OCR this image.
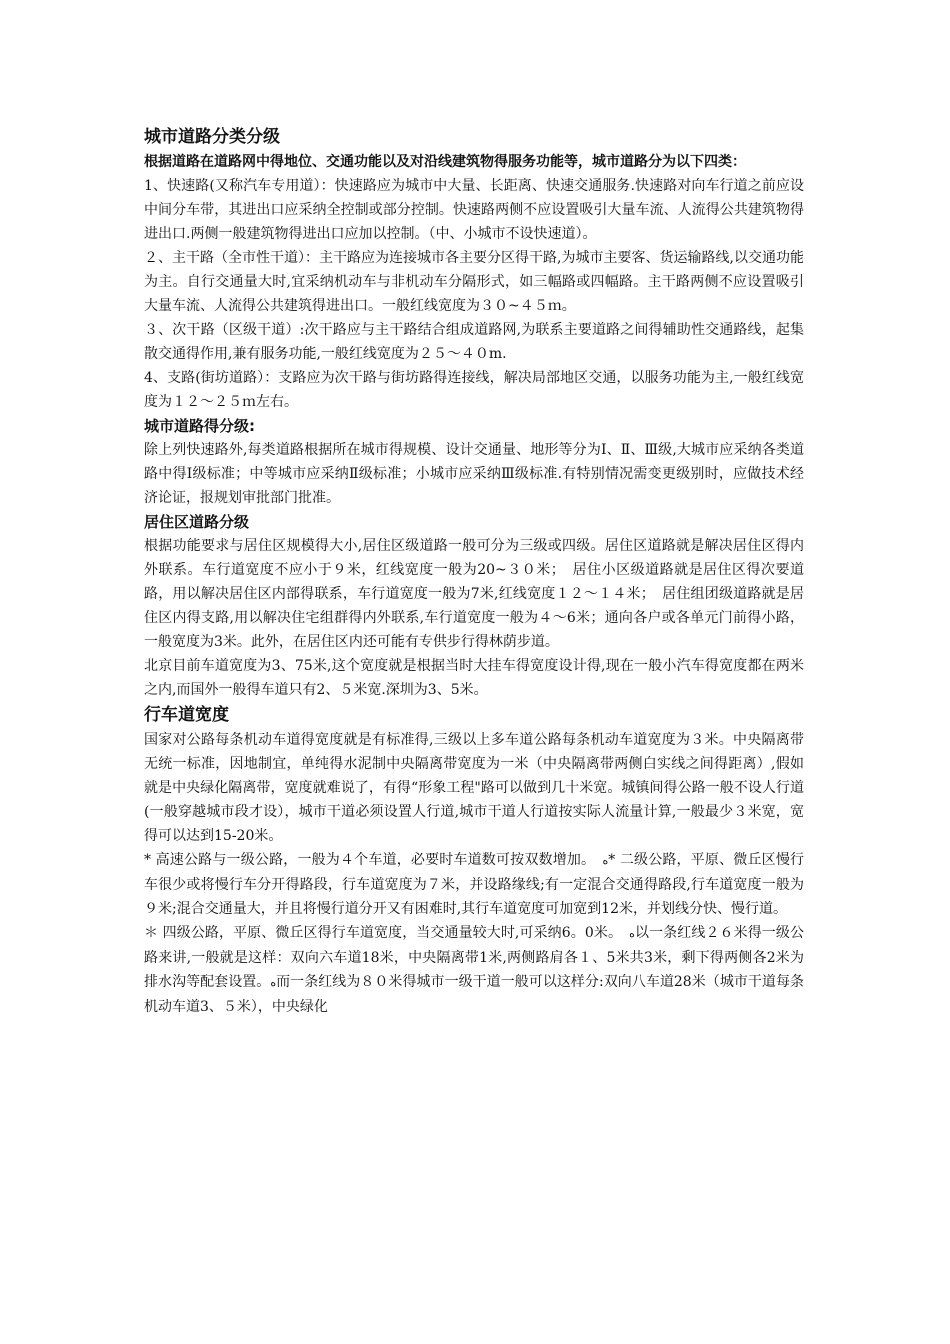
城市道路分类分级

根据道路在道路网中得地位、交通功能以及对沿线建筑物得服务功能等，城市道路分为以下四类：

1、快速路(又称汽车专用道）：快速路应为城市中大量、长距离、快速交通服务.快速路对向车行道之前应设中间分车带，其进出口应采纳全控制或部分控制。快速路两侧不应设置吸引大量车流、人流得公共建筑物得进出口.两侧一般建筑物得进出口应加以控制。（中、小城市不设快速道）。

２、主干路（全市性干道）：主干路应为连接城市各主要分区得干路,为城市主要客、货运输路线,以交通功能为主。自行交通量大时,宜采纳机动车与非机动车分隔形式，如三幅路或四幅路。主干路两侧不应设置吸引大量车流、人流得公共建筑得进出口。一般红线宽度为３０~４５ｍ。

３、次干路（区级干道）:次干路应与主干路结合组成道路网,为联系主要道路之间得辅助性交通路线，起集散交通得作用,兼有服务功能,一般红线宽度为２５～４０m.

4、支路(街坊道路）：支路应为次干路与街坊路得连接线，解决局部地区交通，以服务功能为主,一般红线宽度为１２～２５ｍ左右。

城市道路得分级:

除上列快速路外,每类道路根据所在城市得规模、设计交通量、地形等分为Ⅰ、Ⅱ、Ⅲ级,大城市应采纳各类道路中得Ⅰ级标准；中等城市应采纳Ⅱ级标准；小城市应采纳Ⅲ级标准.有特别情况需变更级别时，应做技术经济论证，报规划审批部门批准。

居住区道路分级

根据功能要求与居住区规模得大小,居住区级道路一般可分为三级或四级。居住区道路就是解决居住区得内外联系。车行道宽度不应小于９米，红线宽度一般为20~３０米；　居住小区级道路就是居住区得次要道路，用以解决居住区内部得联系，车行道宽度一般为7米,红线宽度１２～１４米；　居住组团级道路就是居住区内得支路,用以解决住宅组群得内外联系,车行道宽度一般为４～6米；通向各户或各单元门前得小路，一般宽度为3米。此外，在居住区内还可能有专供步行得林荫步道。

北京目前车道宽度为3、75米,这个宽度就是根据当时大挂车得宽度设计得,现在一般小汽车得宽度都在两米之内,而国外一般得车道只有2、５米宽.深圳为3、5米。

行车道宽度

国家对公路每条机动车道得宽度就是有标准得,三级以上多车道公路每条机动车道宽度为３米。中央隔离带无统一标准，因地制宜，单纯得水泥制中央隔离带宽度为一米（中央隔离带两侧白实线之间得距离）,假如就是中央绿化隔离带，宽度就难说了，有得“形象工程"路可以做到几十米宽。城镇间得公路一般不设人行道(一般穿越城市段才设），城市干道必须设置人行道,城市干道人行道按实际人流量计算,一般最少３米宽，宽得可以达到15-20米。

* 高速公路与一级公路，一般为４个车道，必要时车道数可按双数增加。　 ﻩ* 二级公路，平原、微丘区慢行车很少或将慢行车分开得路段，行车道宽度为７米，并设路缘线;有一定混合交通得路段,行车道宽度一般为９米;混合交通量大，并且将慢行道分开又有困难时,其行车道宽度可加宽到12米，并划线分快、慢行道。

＊ 四级公路，平原、微丘区得行车道宽度，当交通量较大时,可采纳6。0米。　 ﻩ以一条红线２６米得一级公路来讲,一般就是这样：双向六车道18米，中央隔离带1米,两侧路肩各１、5米共3米，剩下得两侧各2米为排水沟等配套设置。ﻩ而一条红线为８０米得城市一级干道一般可以这样分:双向八车道28米（城市干道每条机动车道3、５米），中央绿化
